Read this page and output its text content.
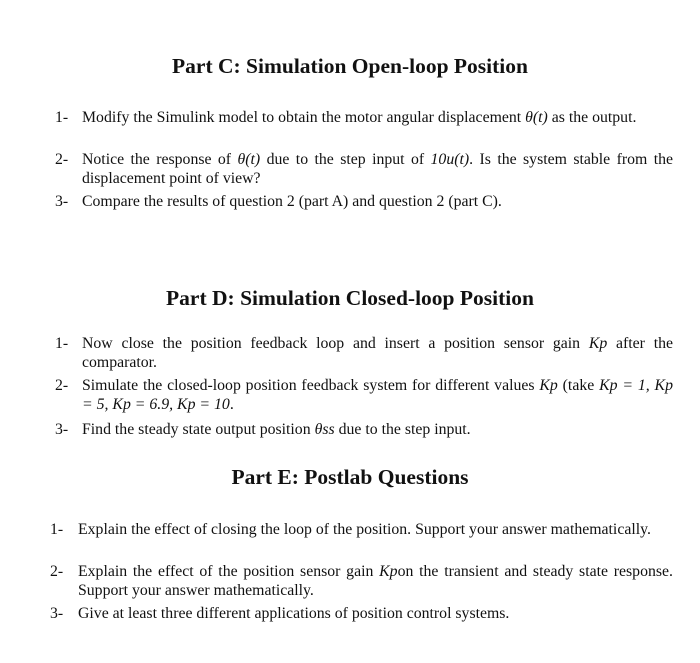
Part C: Simulation Open-loop Position
1- Modify the Simulink model to obtain the motor angular displacement θ(t) as the output.
2- Notice the response of θ(t) due to the step input of 10u(t). Is the system stable from the displacement point of view?
3- Compare the results of question 2 (part A) and question 2 (part C).
Part D: Simulation Closed-loop Position
1- Now close the position feedback loop and insert a position sensor gain Kp after the comparator.
2- Simulate the closed-loop position feedback system for different values Kp (take Kp = 1, Kp = 5, Kp = 6.9, Kp = 10.
3- Find the steady state output position θss due to the step input.
Part E: Postlab Questions
1- Explain the effect of closing the loop of the position. Support your answer mathematically.
2- Explain the effect of the position sensor gain Kpon the transient and steady state response. Support your answer mathematically.
3- Give at least three different applications of position control systems.
